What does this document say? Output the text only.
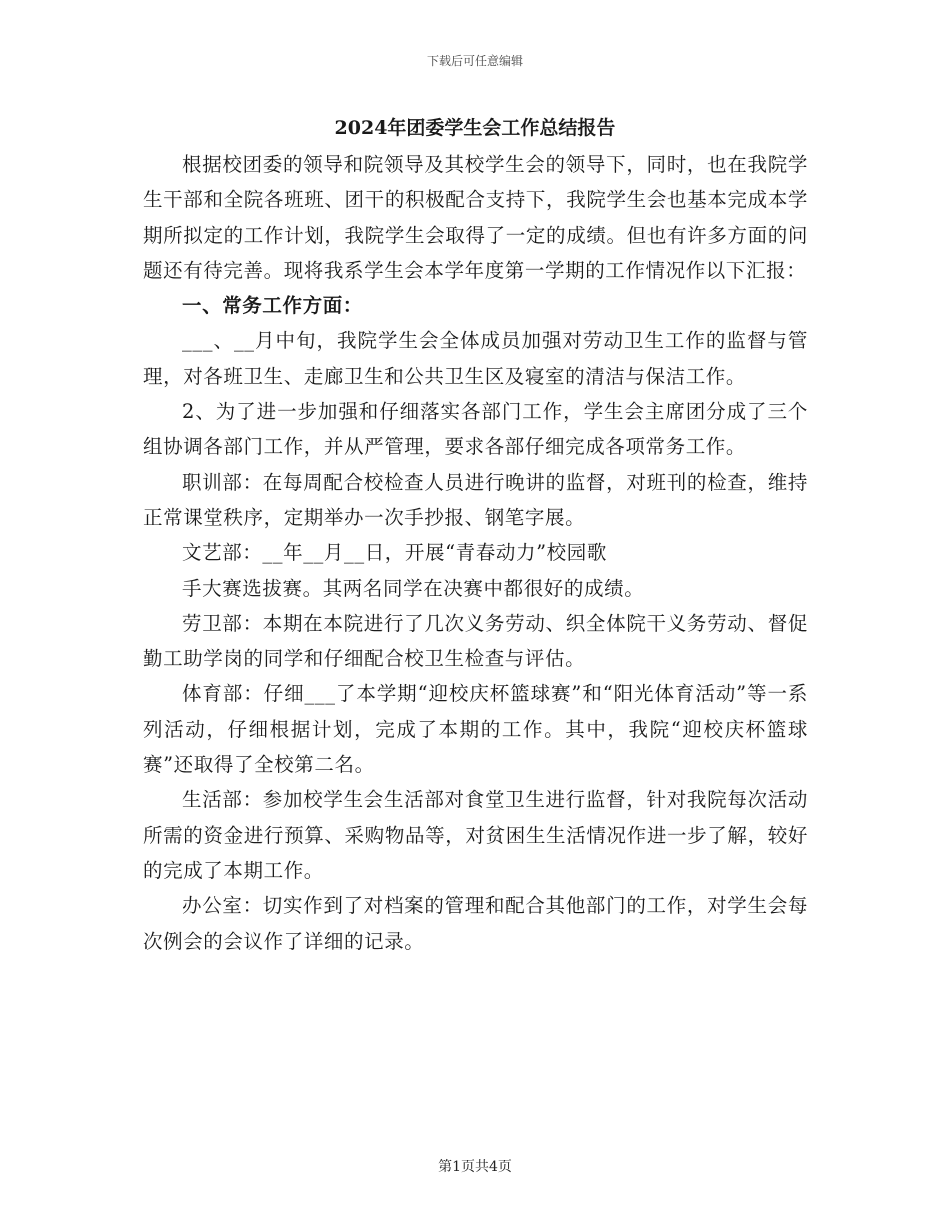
下载后可任意编辑
2024年团委学生会工作总结报告

根据校团委的领导和院领导及其校学生会的领导下，同时，也在我院学生干部和全院各班班、团干的积极配合支持下，我院学生会也基本完成本学期所拟定的工作计划，我院学生会取得了一定的成绩。但也有许多方面的问题还有待完善。现将我系学生会本学年度第一学期的工作情况作以下汇报：

一、常务工作方面：

___、__月中旬，我院学生会全体成员加强对劳动卫生工作的监督与管理，对各班卫生、走廊卫生和公共卫生区及寝室的清洁与保洁工作。

2、为了进一步加强和仔细落实各部门工作，学生会主席团分成了三个组协调各部门工作，并从严管理，要求各部仔细完成各项常务工作。

职训部：在每周配合校检查人员进行晚讲的监督，对班刊的检查，维持正常课堂秩序，定期举办一次手抄报、钢笔字展。

文艺部：__年__月__日，开展“青春动力”校园歌

手大赛选拔赛。其两名同学在决赛中都很好的成绩。

劳卫部：本期在本院进行了几次义务劳动、织全体院干义务劳动、督促勤工助学岗的同学和仔细配合校卫生检查与评估。

体育部：仔细___了本学期“迎校庆杯篮球赛”和“阳光体育活动”等一系列活动，仔细根据计划，完成了本期的工作。其中，我院“迎校庆杯篮球赛”还取得了全校第二名。

生活部：参加校学生会生活部对食堂卫生进行监督，针对我院每次活动所需的资金进行预算、采购物品等，对贫困生生活情况作进一步了解，较好的完成了本期工作。

办公室：切实作到了对档案的管理和配合其他部门的工作，对学生会每次例会的会议作了详细的记录。

第1页共4页
